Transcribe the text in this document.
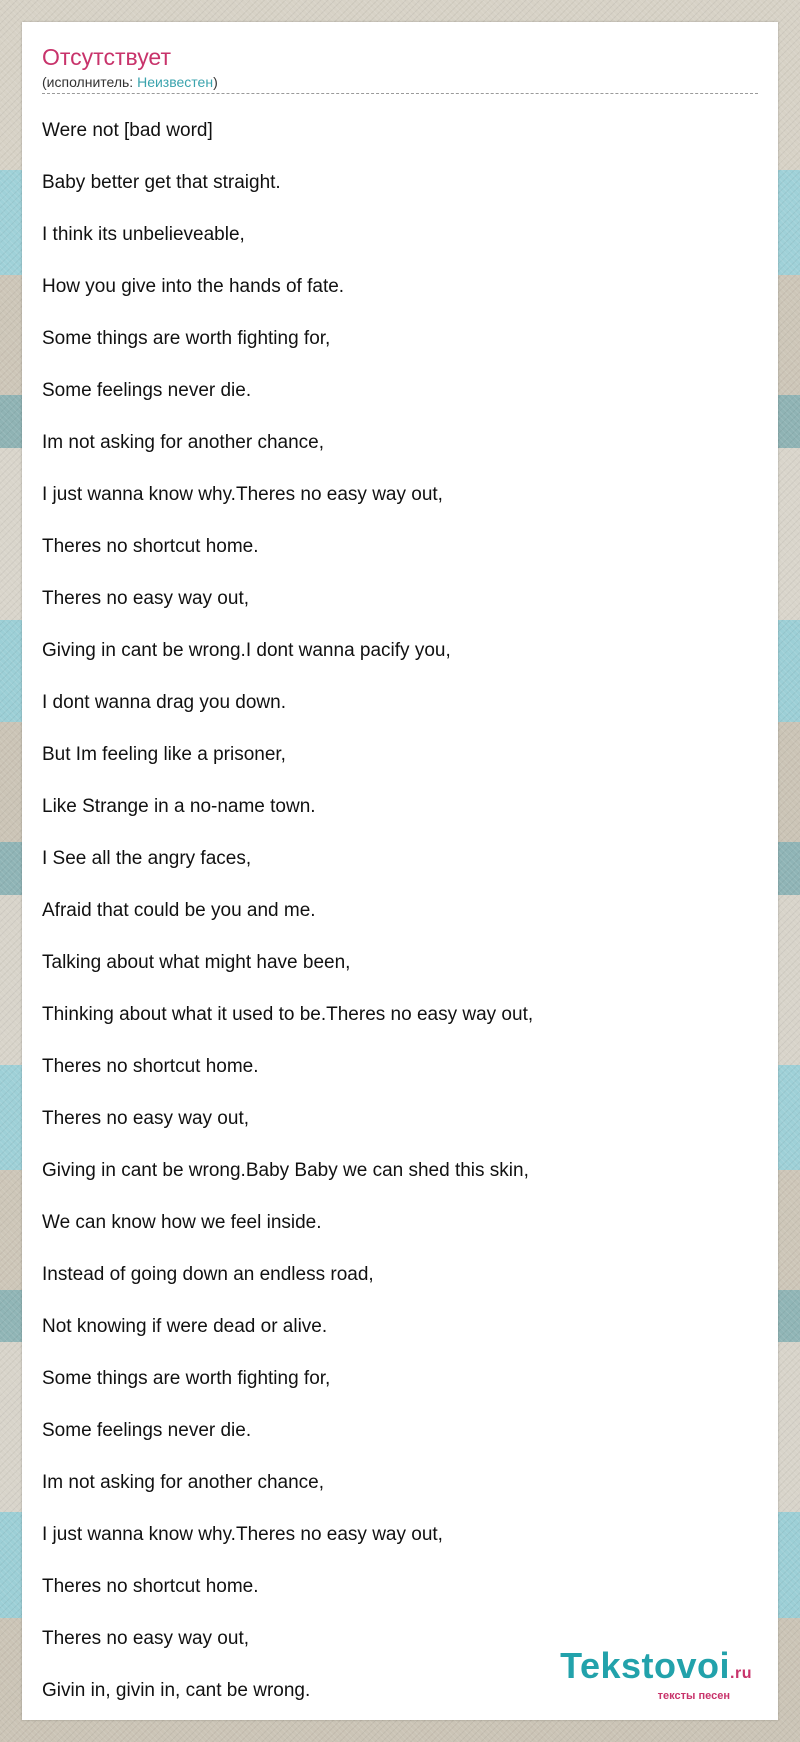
Отсутствует
(исполнитель: Неизвестен)
Were not [bad word]
Baby better get that straight.
I think its unbelieveable,
How you give into the hands of fate.
Some things are worth fighting for,
Some feelings never die.
Im not asking for another chance,
I just wanna know why.Theres no easy way out,
Theres no shortcut home.
Theres no easy way out,
Giving in cant be wrong.I dont wanna pacify you,
I dont wanna drag you down.
But Im feeling like a prisoner,
Like Strange in a no-name town.
I See all the angry faces,
Afraid that could be you and me.
Talking about what might have been,
Thinking about what it used to be.Theres no easy way out,
Theres no shortcut home.
Theres no easy way out,
Giving in cant be wrong.Baby Baby we can shed this skin,
We can know how we feel inside.
Instead of going down an endless road,
Not knowing if were dead or alive.
Some things are worth fighting for,
Some feelings never die.
Im not asking for another chance,
I just wanna know why.Theres no easy way out,
Theres no shortcut home.
Theres no easy way out,
Givin in, givin in, cant be wrong.
Tekstovoi.ru
тексты песен
